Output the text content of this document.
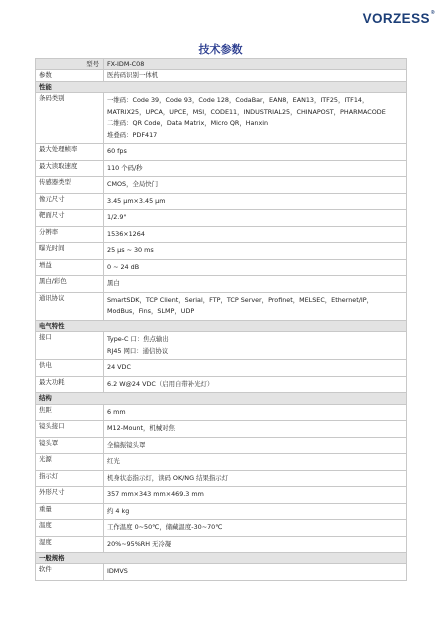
VORZESS®
技术参数
型号	FX-IDM-C08
参数	医药码识别一体机
性能	
条码类别	一维码：Code 39，Code 93，Code 128，CodaBar，EAN8，EAN13，ITF25，ITF14，
MATRIX25，UPCA，UPCE，MSI，CODE11，INDUSTRIAL25，CHINAPOST，PHARMACODE
二维码：QR Code，Data Matrix，Micro QR，Hanxin
堆叠码：PDF417

最大处理帧率	60 fps

最大读取速度	110 个码/秒

传感器类型	CMOS，全局快门

像元尺寸	3.45 μm×3.45 μm

靶面尺寸	1/2.9"

分辨率	1536×1264

曝光时间	25 μs ~ 30 ms

增益	0 ~ 24 dB

黑白/彩色	黑白

通讯协议	SmartSDK，TCP Client，Serial，FTP，TCP Server，Profinet，MELSEC，Ethernet/IP，
ModBus，Fins，SLMP，UDP

电气特性	
接口	Type-C 口：焦点输出
RJ45 网口：通信协议

供电	24 VDC

最大功耗	6.2 W@24 VDC（启用自带补光灯）

结构	
焦距	6 mm

镜头接口	M12-Mount，机械对焦

镜头罩	全偏振镜头罩

光源	红光

指示灯	机身状态指示灯，读码 OK/NG 结果指示灯

外形尺寸	357 mm×343 mm×469.3 mm

重量	约 4 kg

温度	工作温度 0~50℃，储藏温度-30~70℃

湿度	20%~95%RH 无冷凝

一般规格	
软件	IDMVS
